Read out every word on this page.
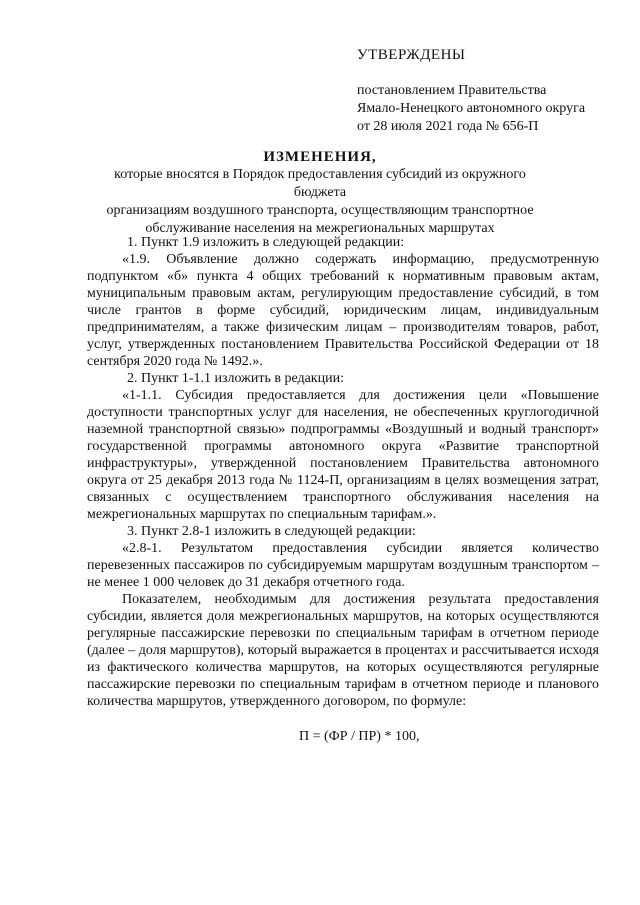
УТВЕРЖДЕНЫ
постановлением Правительства
Ямало-Ненецкого автономного округа
от 28 июля 2021 года № 656-П
ИЗМЕНЕНИЯ,
которые вносятся в Порядок предоставления субсидий из окружного бюджета
организациям воздушного транспорта, осуществляющим транспортное
обслуживание населения на межрегиональных маршрутах

1. Пункт 1.9 изложить в следующей редакции:

«1.9. Объявление должно содержать информацию, предусмотренную подпунктом «б» пункта 4 общих требований к нормативным правовым актам, муниципальным правовым актам, регулирующим предоставление субсидий, в том числе грантов в форме субсидий, юридическим лицам, индивидуальным предпринимателям, а также физическим лицам – производителям товаров, работ, услуг, утвержденных постановлением Правительства Российской Федерации от 18 сентября 2020 года № 1492.».

2. Пункт 1-1.1 изложить в редакции:

«1-1.1. Субсидия предоставляется для достижения цели «Повышение доступности транспортных услуг для населения, не обеспеченных круглогодичной наземной транспортной связью» подпрограммы «Воздушный и водный транспорт» государственной программы автономного округа «Развитие транспортной инфраструктуры», утвержденной постановлением Правительства автономного округа от 25 декабря 2013 года № 1124-П, организациям в целях возмещения затрат, связанных с осуществлением транспортного обслуживания населения на межрегиональных маршрутах по специальным тарифам.».

3. Пункт 2.8-1 изложить в следующей редакции:

«2.8-1. Результатом предоставления субсидии является количество перевезенных пассажиров по субсидируемым маршрутам воздушным транспортом – не менее 1 000 человек до 31 декабря отчетного года.

Показателем, необходимым для достижения результата предоставления субсидии, является доля межрегиональных маршрутов, на которых осуществляются регулярные пассажирские перевозки по специальным тарифам в отчетном периоде (далее – доля маршрутов), который выражается в процентах и рассчитывается исходя из фактического количества маршрутов, на которых осуществляются регулярные пассажирские перевозки по специальным тарифам в отчетном периоде и планового количества маршрутов, утвержденного договором, по формуле:

П = (ФР / ПР) * 100,
